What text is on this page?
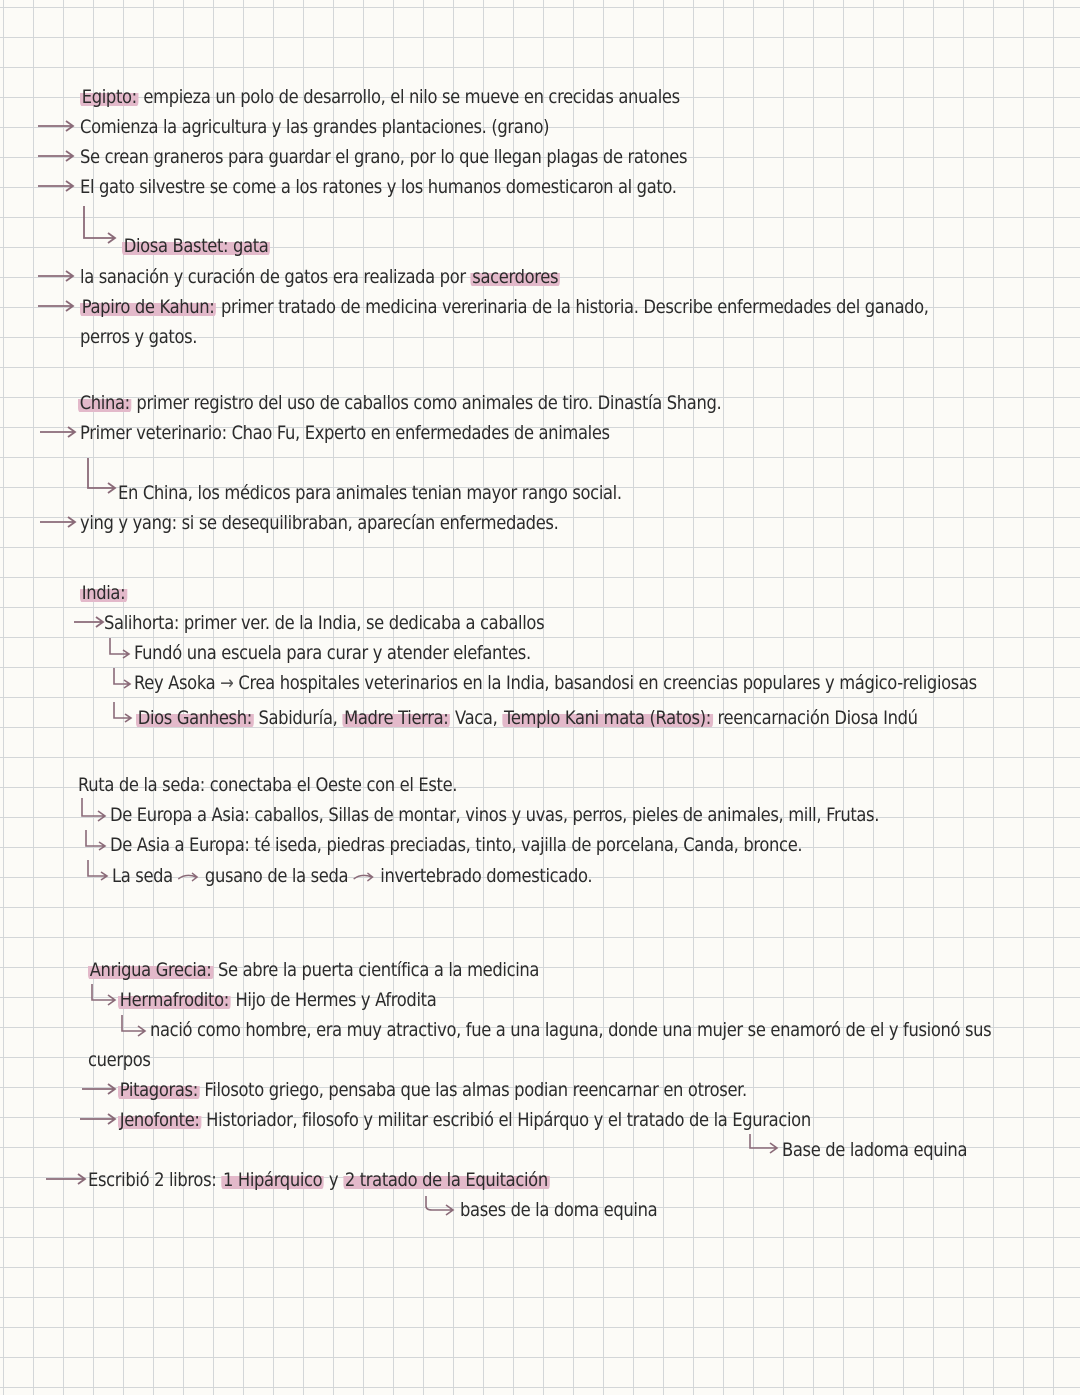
Egipto: empieza un polo de desarrollo, el nilo se mueve en crecidas anuales
Comienza la agricultura y las grandes plantaciones. (grano)
Se crean graneros para guardar el grano, por lo que llegan plagas de ratones
El gato silvestre se come a los ratones y los humanos domesticaron al gato.
Diosa Bastet: gata
la sanación y curación de gatos era realizada por sacerdores
Papiro de Kahun: primer tratado de medicina vererinaria de la historia. Describe enfermedades del ganado,
perros y gatos.
China: primer registro del uso de caballos como animales de tiro. Dinastía Shang.
Primer veterinario: Chao Fu, Experto en enfermedades de animales
En China, los médicos para animales tenian mayor rango social.
ying y yang: si se desequilibraban, aparecían enfermedades.
India:
Salihorta: primer ver. de la India, se dedicaba a caballos
Fundó una escuela para curar y atender elefantes.
Rey Asoka → Crea hospitales veterinarios en la India, basandosi en creencias populares y mágico-religiosas
Dios Ganhesh: Sabiduría, Madre Tierra: Vaca, Templo Kani mata (Ratos): reencarnación Diosa Indú
Ruta de la seda: conectaba el Oeste con el Este.
De Europa a Asia: caballos, Sillas de montar, vinos y uvas, perros, pieles de animales, mill, Frutas.
De Asia a Europa: té iseda, piedras preciadas, tinto, vajilla de porcelana, Canda, bronce.
La seda gusano de la seda invertebrado domesticado.
Anrigua Grecia: Se abre la puerta científica a la medicina
Hermafrodito: Hijo de Hermes y Afrodita
nació como hombre, era muy atractivo, fue a una laguna, donde una mujer se enamoró de el y fusionó sus
cuerpos
Pitagoras: Filosoto griego, pensaba que las almas podian reencarnar en otroser.
Jenofonte: Historiador, filosofo y militar escribió el Hipárquo y el tratado de la Eguracion
Base de ladoma equina
Escribió 2 libros: 1 Hipárquico y 2 tratado de la Equitación
bases de la doma equina
